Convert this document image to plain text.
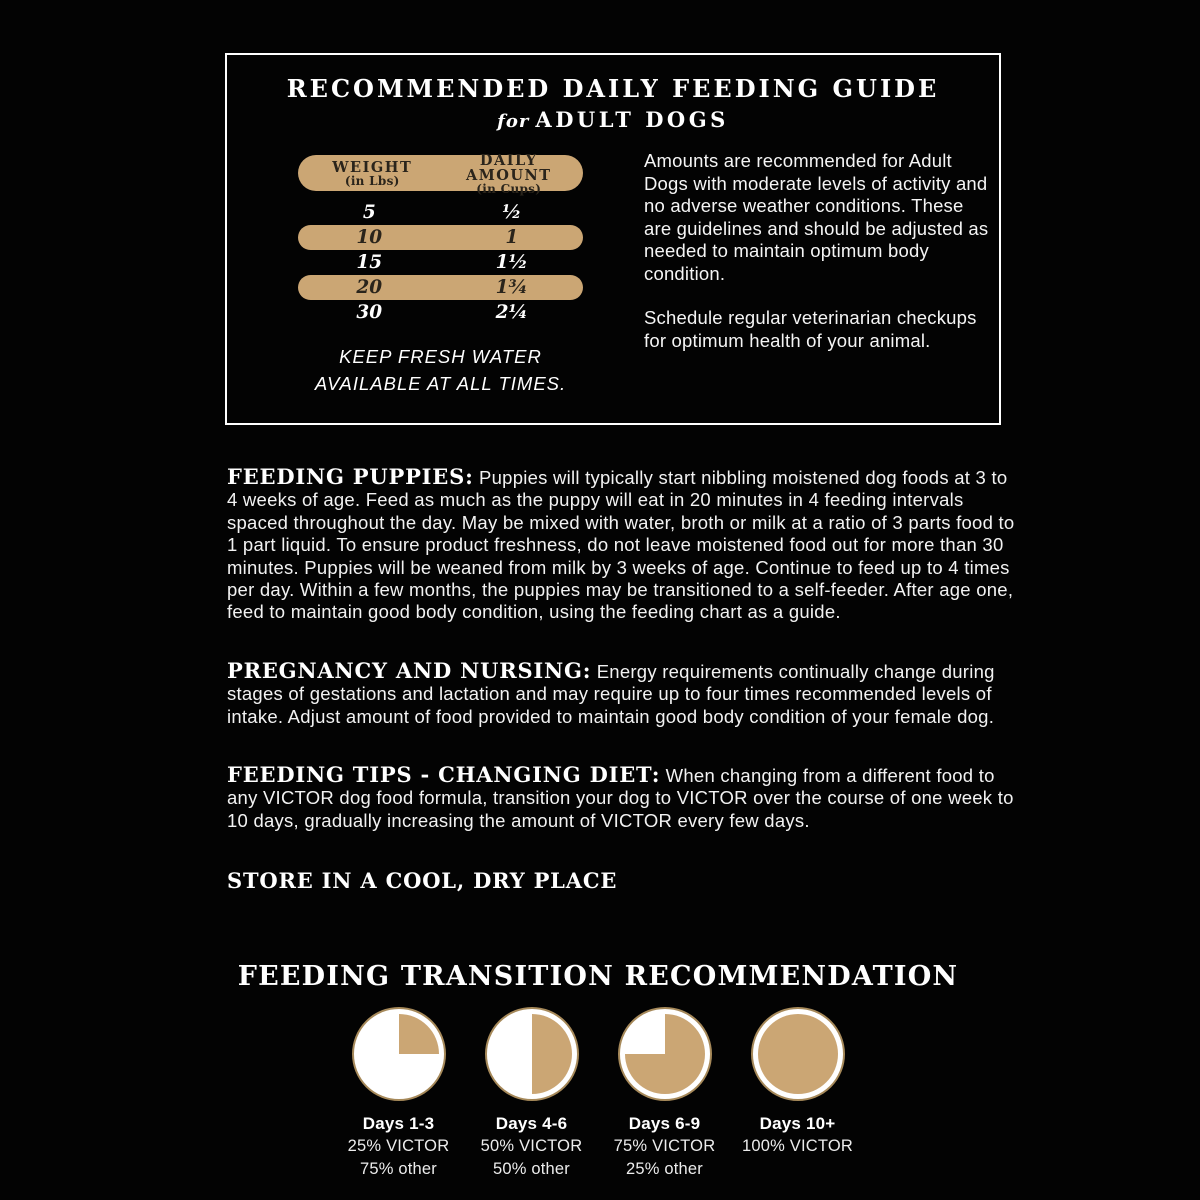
RECOMMENDED DAILY FEEDING GUIDE
for ADULT DOGS
WEIGHT
(in Lbs)
DAILY AMOUNT
(in Cups)
5	½
10	1
15	1½
20	1¾
30	2¼
KEEP FRESH WATER
AVAILABLE AT ALL TIMES.

Amounts are recommended for Adult Dogs with moderate levels of activity and no adverse weather conditions. These are guidelines and should be adjusted as needed to maintain optimum body condition.

Schedule regular veterinarian checkups for optimum health of your animal.

FEEDING PUPPIES: Puppies will typically start nibbling moistened dog foods at 3 to 4 weeks of age. Feed as much as the puppy will eat in 20 minutes in 4 feeding intervals spaced throughout the day. May be mixed with water, broth or milk at a ratio of 3 parts food to 1 part liquid. To ensure product freshness, do not leave moistened food out for more than 30 minutes. Puppies will be weaned from milk by 3 weeks of age. Continue to feed up to 4 times per day. Within a few months, the puppies may be transitioned to a self-feeder. After age one, feed to maintain good body condition, using the feeding chart as a guide.

PREGNANCY AND NURSING: Energy requirements continually change during stages of gestations and lactation and may require up to four times recommended levels of intake. Adjust amount of food provided to maintain good body condition of your female dog.

FEEDING TIPS - CHANGING DIET: When changing from a different food to any VICTOR dog food formula, transition your dog to VICTOR over the course of one week to 10 days, gradually increasing the amount of VICTOR every few days.

STORE IN A COOL, DRY PLACE

FEEDING TRANSITION RECOMMENDATION
Days 1-3
25% VICTOR
75% other
Days 4-6
50% VICTOR
50% other
Days 6-9
75% VICTOR
25% other
Days 10+
100% VICTOR
